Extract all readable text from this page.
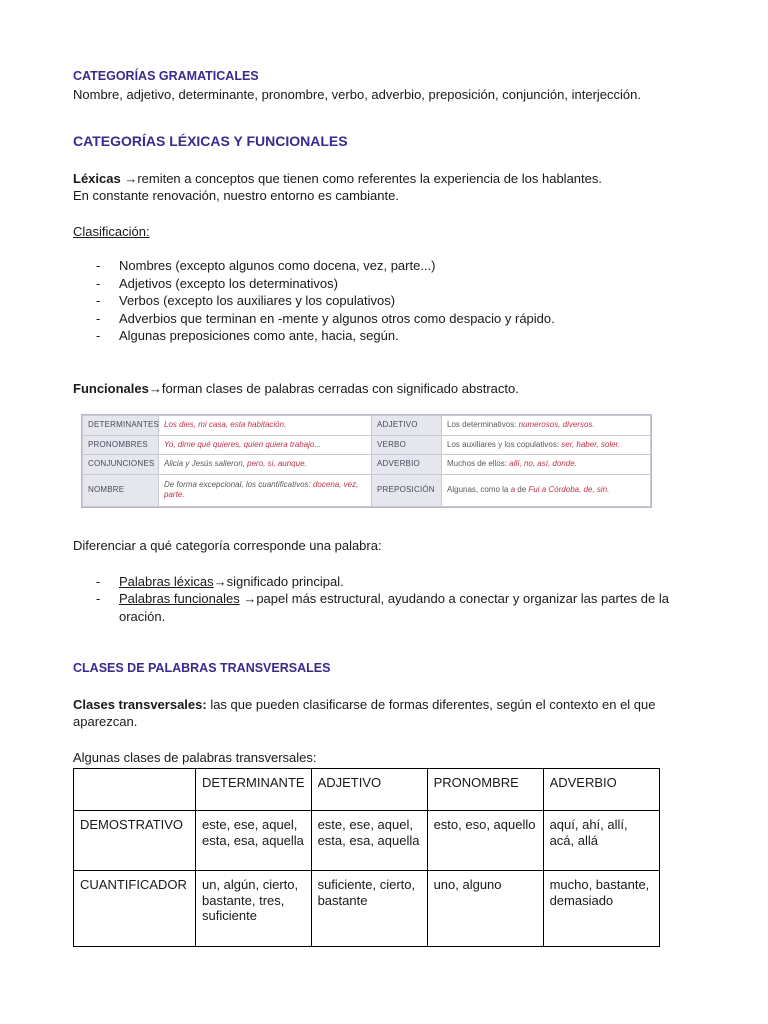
CATEGORÍAS GRAMATICALES

Nombre, adjetivo, determinante, pronombre, verbo, adverbio, preposición, conjunción, interjección.

CATEGORÍAS LÉXICAS Y FUNCIONALES

Léxicas →remiten a conceptos que tienen como referentes la experiencia de los hablantes.

En constante renovación, nuestro entorno es cambiante.

Clasificación:

- Nombres (excepto algunos como docena, vez, parte...)
- Adjetivos (excepto los determinativos)
- Verbos (excepto los auxiliares y los copulativos)
- Adverbios que terminan en -mente y algunos otros como despacio y rápido.
- Algunas preposiciones como ante, hacia, según.

Funcionales→forman clases de palabras cerradas con significado abstracto.

DETERMINANTES	Los dies, mi casa, esta habitación.	ADJETIVO	Los determinativos: numerosos, diversos.
PRONOMBRES	Yo, dime qué quieres, quien quiera trabajo...	VERBO	Los auxiliares y los copulativos: ser, haber, soler.
CONJUNCIONES	Alicia y Jesús salieron, pero, si, aunque.	ADVERBIO	Muchos de ellos: allí, no, así, donde.
NOMBRE	De forma excepcional, los cuantificativos: docena, vez, parte.	PREPOSICIÓN	Algunas, como la a de Fui a Córdoba, de, sin.

Diferenciar a qué categoría corresponde una palabra:

- Palabras léxicas→significado principal.
- Palabras funcionales →papel más estructural, ayudando a conectar y organizar las partes de la oración.

CLASES DE PALABRAS TRANSVERSALES

Clases transversales: las que pueden clasificarse de formas diferentes, según el contexto en el que aparezcan.

Algunas clases de palabras transversales:

	DETERMINANTE	ADJETIVO	PRONOMBRE	ADVERBIO
DEMOSTRATIVO	este, ese, aquel, esta, esa, aquella	este, ese, aquel, esta, esa, aquella	esto, eso, aquello	aquí, ahí, allí, acá, allá
CUANTIFICADOR	un, algún, cierto, bastante, tres, suficiente	suficiente, cierto, bastante	uno, alguno	mucho, bastante, demasiado
